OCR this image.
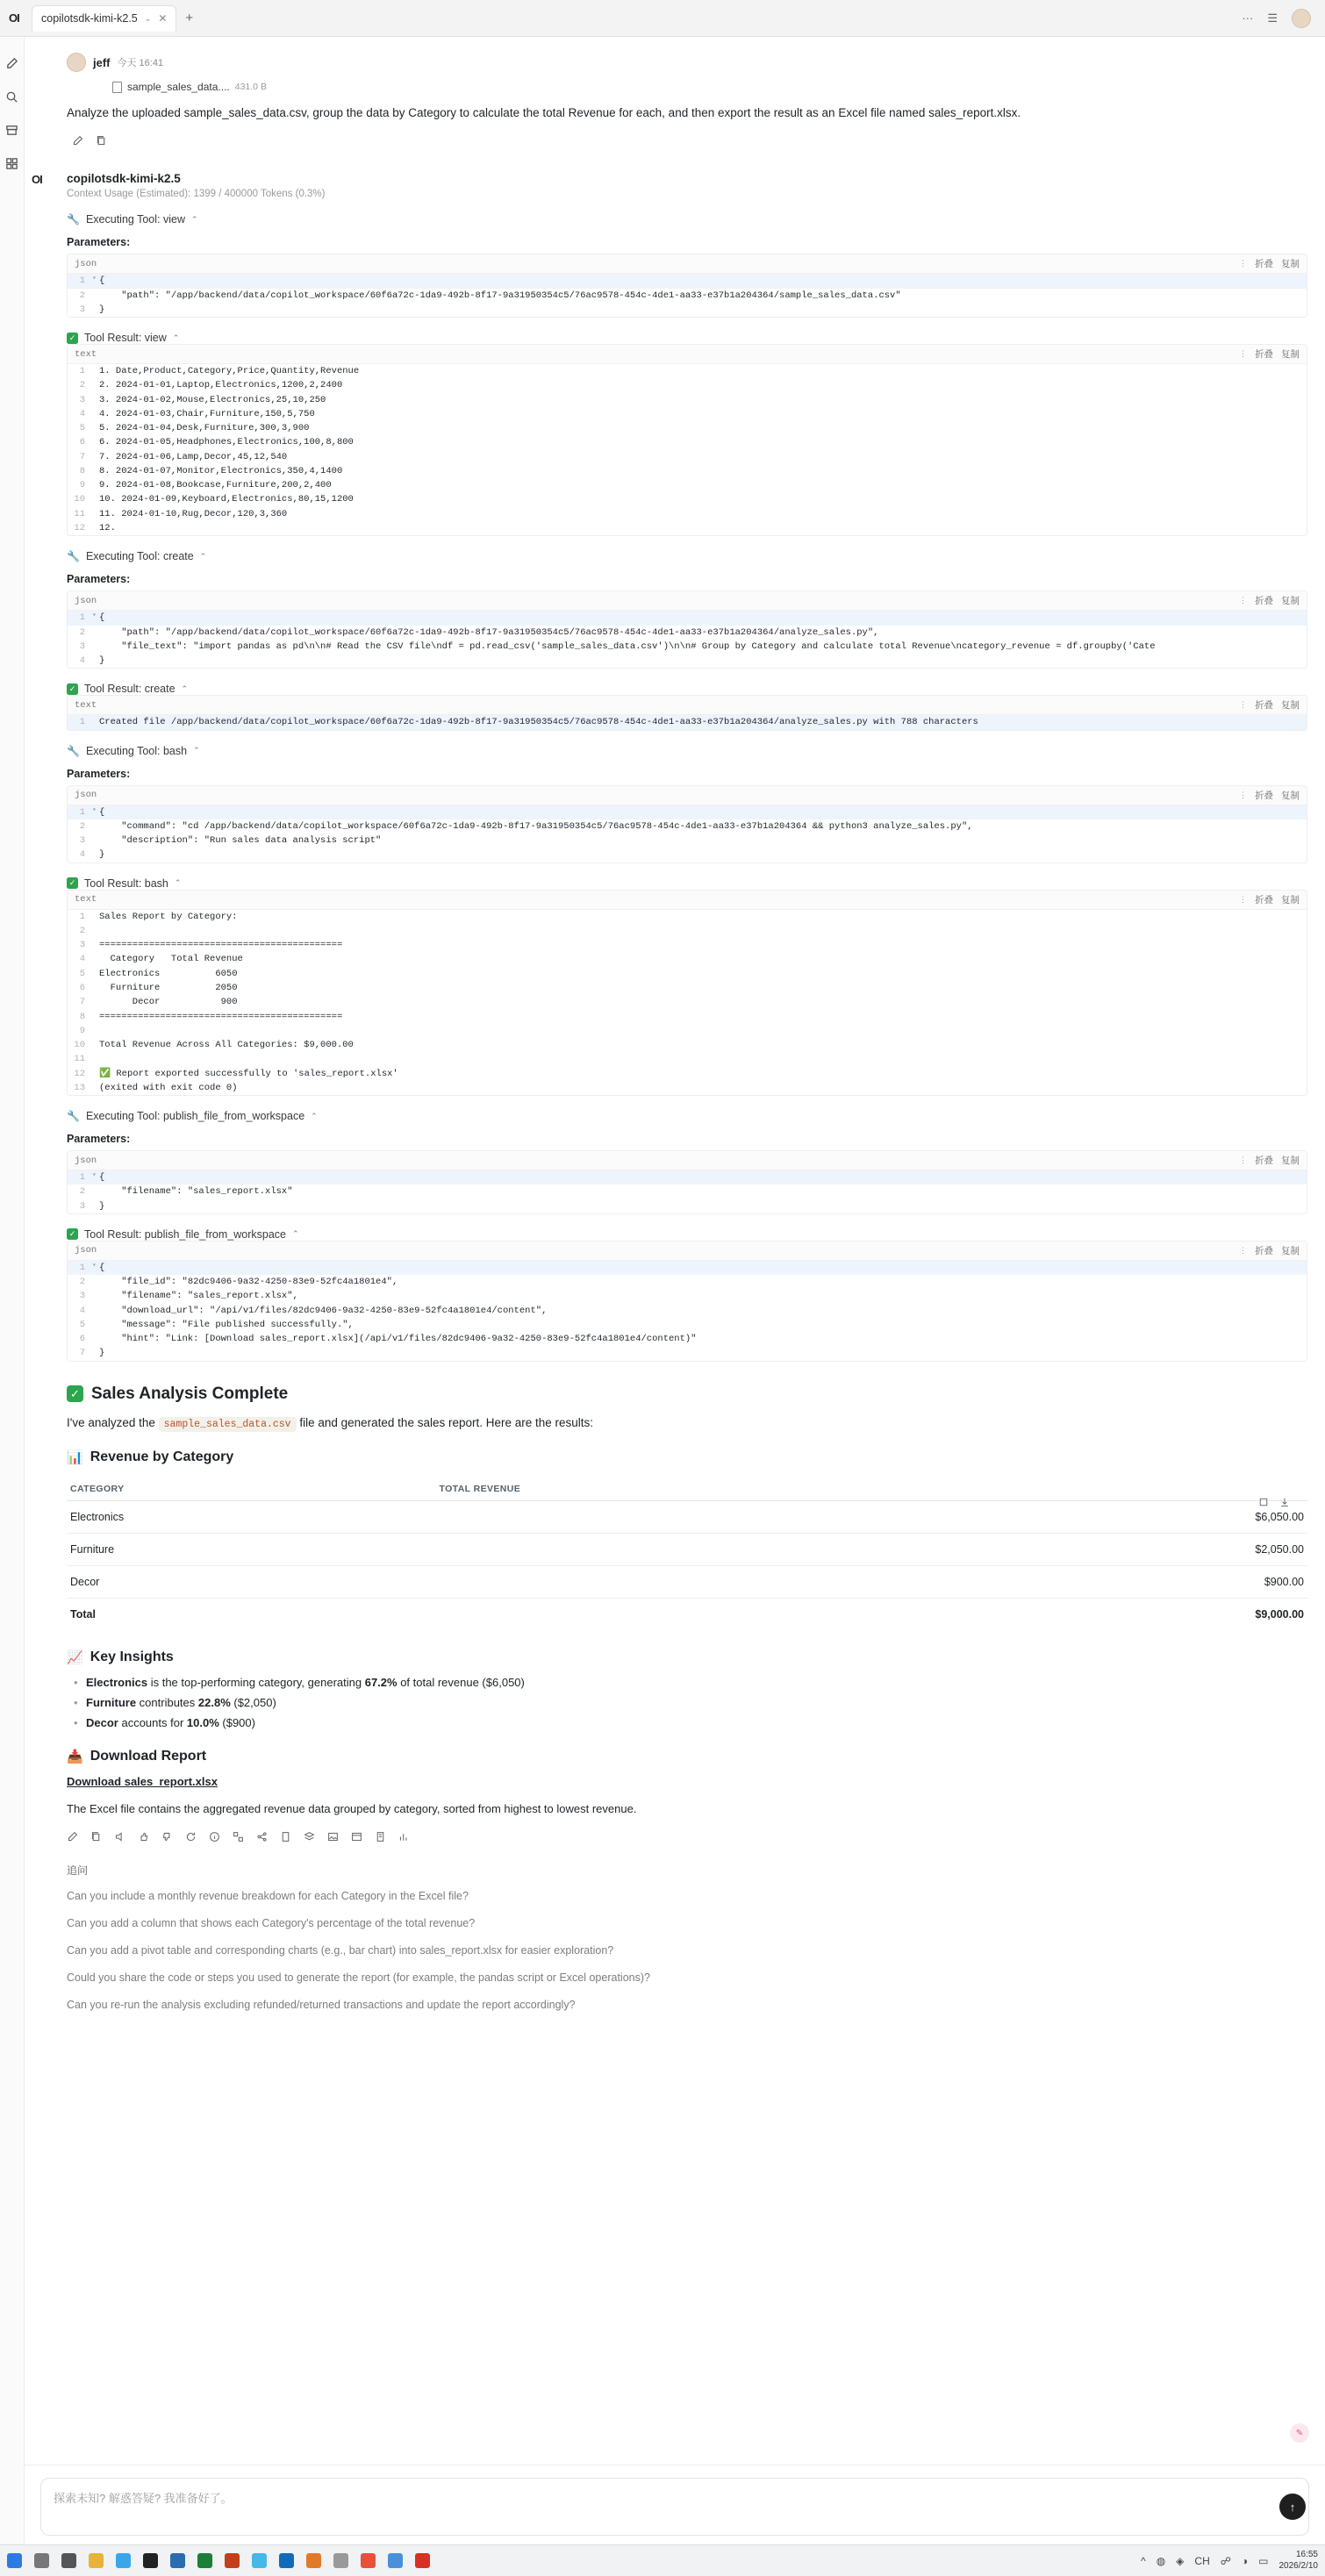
OI	copilotsdk-kimi-k2.5 ⌄ ✕ +	··· ☰
jeff 今天 16:41
sample_sales_data.... 431.0 B
Analyze the uploaded sample_sales_data.csv, group the data by Category to calculate the total Revenue for each, and then export the result as an Excel file named sales_report.xlsx.
OI copilotsdk-kimi-k2.5
Context Usage (Estimated): 1399 / 400000 Tokens (0.3%)
🔧 Executing Tool: view ⌃
Parameters:
json	⋮ 折叠 复制
1	▾ {
2	"path": "/app/backend/data/copilot_workspace/60f6a72c-1da9-492b-8f17-9a31950354c5/76ac9578-454c-4de1-aa33-e37b1a204364/sample_sales_data.csv"
3	}
✓ Tool Result: view ⌃
text	⋮ 折叠 复制
1	1. Date,Product,Category,Price,Quantity,Revenue
2	2. 2024-01-01,Laptop,Electronics,1200,2,2400
3	3. 2024-01-02,Mouse,Electronics,25,10,250
4	4. 2024-01-03,Chair,Furniture,150,5,750
5	5. 2024-01-04,Desk,Furniture,300,3,900
6	6. 2024-01-05,Headphones,Electronics,100,8,800
7	7. 2024-01-06,Lamp,Decor,45,12,540
8	8. 2024-01-07,Monitor,Electronics,350,4,1400
9	9. 2024-01-08,Bookcase,Furniture,200,2,400
10	10. 2024-01-09,Keyboard,Electronics,80,15,1200
11	11. 2024-01-10,Rug,Decor,120,3,360
12	12.
🔧 Executing Tool: create ⌃
Parameters:
json	⋮ 折叠 复制
1	▾ {
2	"path": "/app/backend/data/copilot_workspace/60f6a72c-1da9-492b-8f17-9a31950354c5/76ac9578-454c-4de1-aa33-e37b1a204364/analyze_sales.py",
3	"file_text": "import pandas as pd\n\n# Read the CSV file\ndf = pd.read_csv('sample_sales_data.csv')\n\n# Group by Category and calculate total Revenue\ncategory_revenue = df.groupby('Cate
4	}
✓ Tool Result: create ⌃
text	⋮ 折叠 复制
1	Created file /app/backend/data/copilot_workspace/60f6a72c-1da9-492b-8f17-9a31950354c5/76ac9578-454c-4de1-aa33-e37b1a204364/analyze_sales.py with 788 characters
🔧 Executing Tool: bash ⌃
Parameters:
json	⋮ 折叠 复制
1	▾ {
2	"command": "cd /app/backend/data/copilot_workspace/60f6a72c-1da9-492b-8f17-9a31950354c5/76ac9578-454c-4de1-aa33-e37b1a204364 && python3 analyze_sales.py",
3	"description": "Run sales data analysis script"
4	}
✓ Tool Result: bash ⌃
text	⋮ 折叠 复制
1	Sales Report by Category:
2
3	============================================
4	Category   Total Revenue
5	Electronics          6050
6	Furniture          2050
7	Decor           900
8	============================================
9
10	Total Revenue Across All Categories: $9,000.00
11
12	✅ Report exported successfully to 'sales_report.xlsx'
13	(exited with exit code 0)
🔧 Executing Tool: publish_file_from_workspace ⌃
Parameters:
json	⋮ 折叠 复制
1	▾ {
2	"filename": "sales_report.xlsx"
3	}
✓ Tool Result: publish_file_from_workspace ⌃
json	⋮ 折叠 复制
1	▾ {
2	"file_id": "82dc9406-9a32-4250-83e9-52fc4a1801e4",
3	"filename": "sales_report.xlsx",
4	"download_url": "/api/v1/files/82dc9406-9a32-4250-83e9-52fc4a1801e4/content",
5	"message": "File published successfully.",
6	"hint": "Link: [Download sales_report.xlsx](/api/v1/files/82dc9406-9a32-4250-83e9-52fc4a1801e4/content)"
7	}
✓ Sales Analysis Complete
I've analyzed the sample_sales_data.csv file and generated the sales report. Here are the results:
📊 Revenue by Category
CATEGORY	TOTAL REVENUE	
Electronics		$6,050.00
Furniture		$2,050.00
Decor		$900.00
Total		$9,000.00
📈 Key Insights
• Electronics is the top-performing category, generating 67.2% of total revenue ($6,050)
• Furniture contributes 22.8% ($2,050)
• Decor accounts for 10.0% ($900)
📥 Download Report
Download sales_report.xlsx
The Excel file contains the aggregated revenue data grouped by category, sorted from highest to lowest revenue.
追问
Can you include a monthly revenue breakdown for each Category in the Excel file?
Can you add a column that shows each Category's percentage of the total revenue?
Can you add a pivot table and corresponding charts (e.g., bar chart) into sales_report.xlsx for easier exploration?
Could you share the code or steps you used to generate the report (for example, the pandas script or Excel operations)?
Can you re-run the analysis excluding refunded/returned transactions and update the report accordingly?
✎
探索未知? 解惑答疑? 我准备好了。
↑
^ ◍ ◈ CH ☍ ◑ ▭	16:55
2026/2/10
